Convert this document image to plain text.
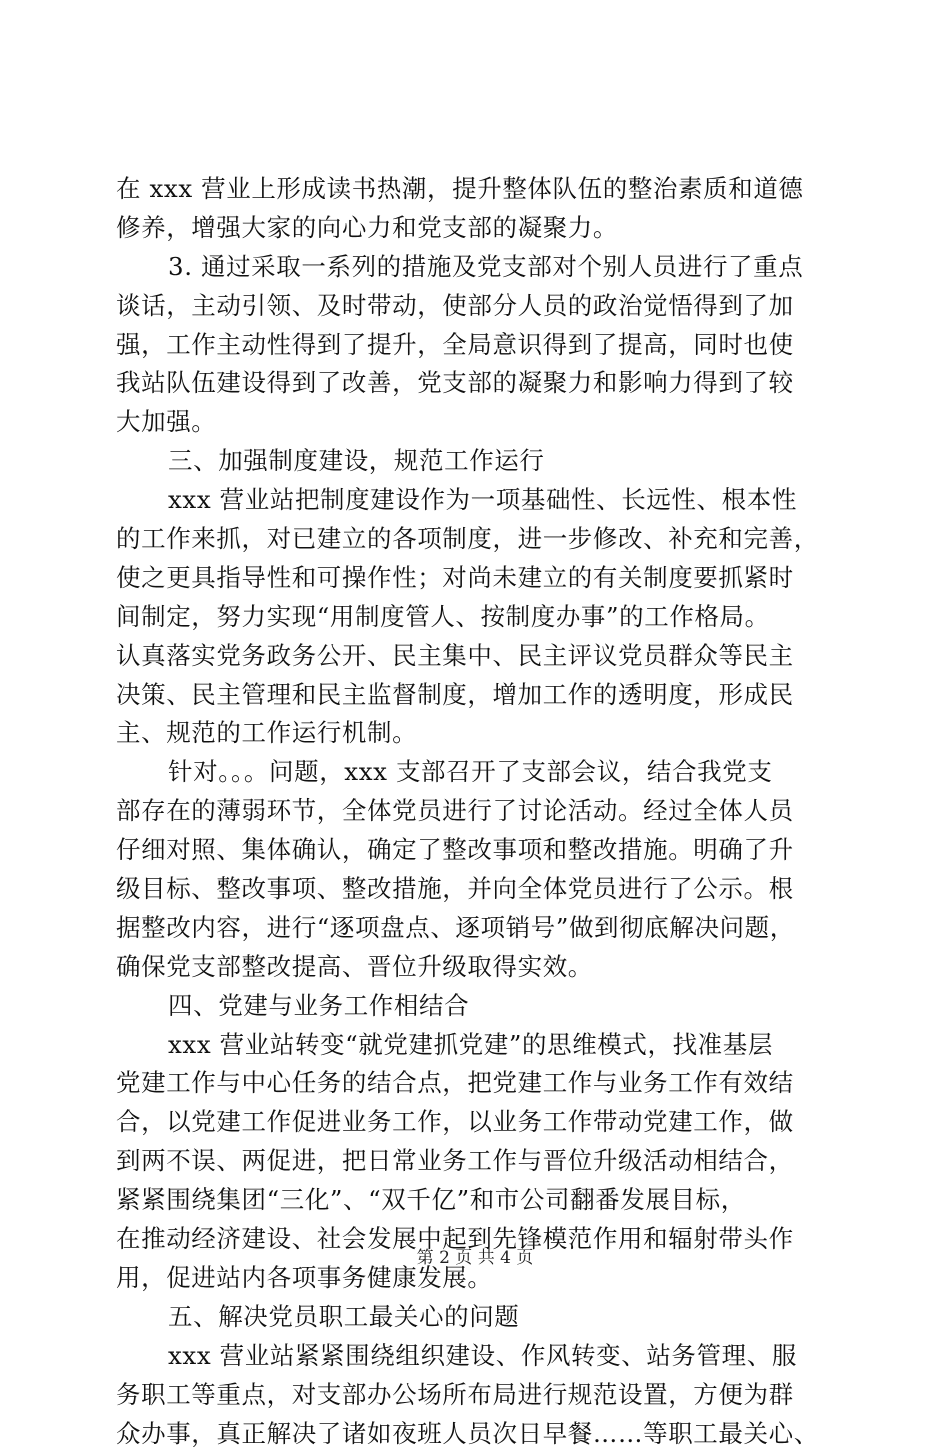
在 xxx 营业上形成读书热潮，提升整体队伍的整治素质和道德
修养，增强大家的向心力和党支部的凝聚力。
3. 通过采取一系列的措施及党支部对个别人员进行了重点
谈话，主动引领、及时带动，使部分人员的政治觉悟得到了加
强，工作主动性得到了提升，全局意识得到了提高，同时也使
我站队伍建设得到了改善，党支部的凝聚力和影响力得到了较
大加强。
三、加强制度建设，规范工作运行
xxx 营业站把制度建设作为一项基础性、长远性、根本性
的工作来抓，对已建立的各项制度，进一步修改、补充和完善，
使之更具指导性和可操作性；对尚未建立的有关制度要抓紧时
间制定，努力实现“用制度管人、按制度办事”的工作格局。
认真落实党务政务公开、民主集中、民主评议党员群众等民主
决策、民主管理和民主监督制度，增加工作的透明度，形成民
主、规范的工作运行机制。
针对。。。问题，xxx 支部召开了支部会议，结合我党支
部存在的薄弱环节，全体党员进行了讨论活动。经过全体人员
仔细对照、集体确认，确定了整改事项和整改措施。明确了升
级目标、整改事项、整改措施，并向全体党员进行了公示。根
据整改内容，进行“逐项盘点、逐项销号”做到彻底解决问题，
确保党支部整改提高、晋位升级取得实效。
四、党建与业务工作相结合
xxx 营业站转变“就党建抓党建”的思维模式，找准基层
党建工作与中心任务的结合点，把党建工作与业务工作有效结
合，以党建工作促进业务工作，以业务工作带动党建工作，做
到两不误、两促进，把日常业务工作与晋位升级活动相结合，
紧紧围绕集团“三化”、“双千亿”和市公司翻番发展目标，
在推动经济建设、社会发展中起到先锋模范作用和辐射带头作
用，促进站内各项事务健康发展。
五、解决党员职工最关心的问题
xxx 营业站紧紧围绕组织建设、作风转变、站务管理、服
务职工等重点，对支部办公场所布局进行规范设置，方便为群
众办事，真正解决了诸如夜班人员次日早餐……等职工最关心、
第 2 页 共 4 页
